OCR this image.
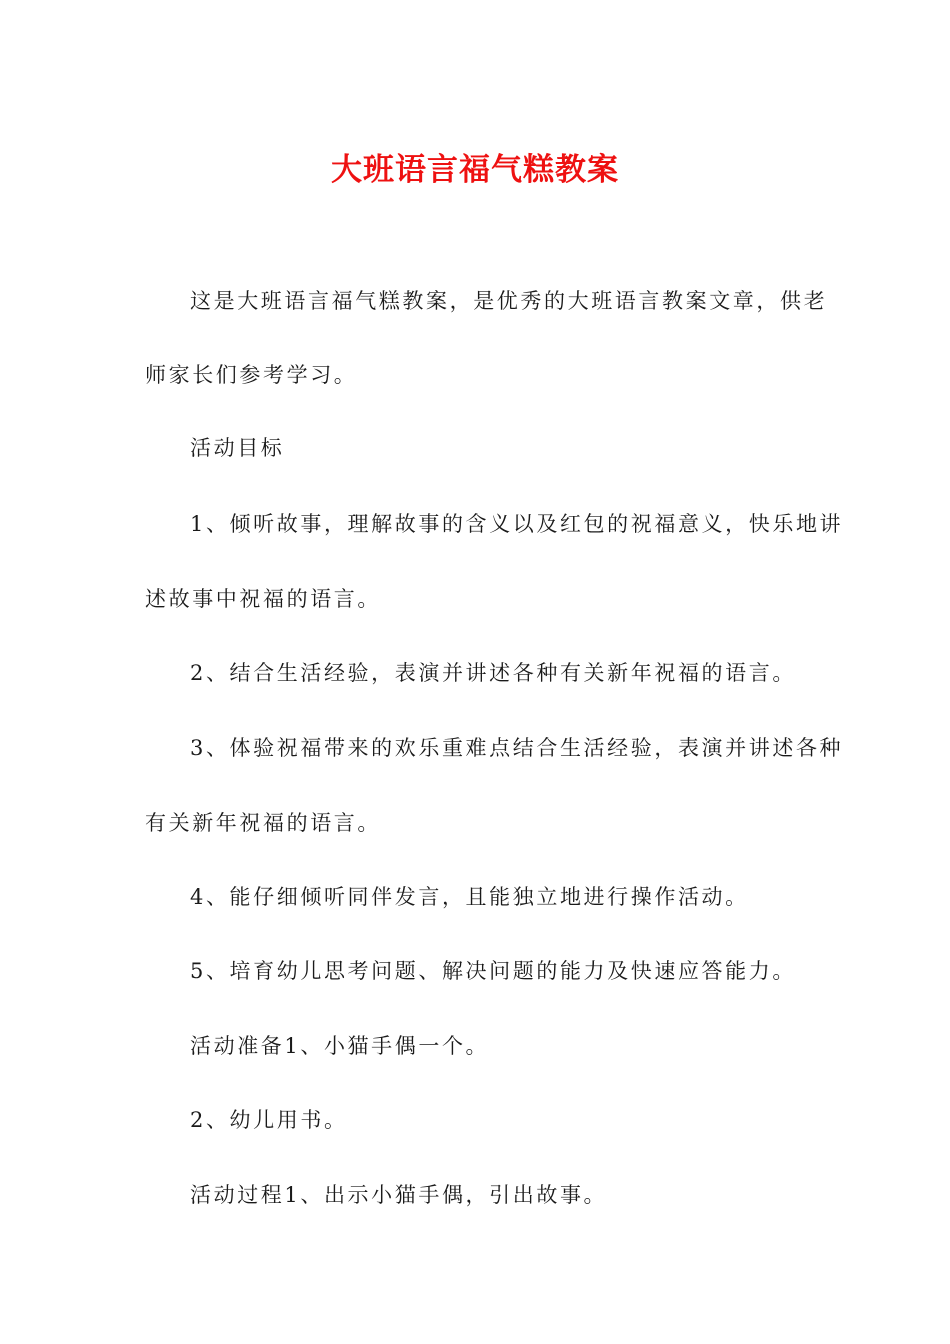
大班语言福气糕教案

这是大班语言福气糕教案，是优秀的大班语言教案文章，供老

师家长们参考学习。

活动目标

1、倾听故事，理解故事的含义以及红包的祝福意义，快乐地讲

述故事中祝福的语言。

2、结合生活经验，表演并讲述各种有关新年祝福的语言。

3、体验祝福带来的欢乐重难点结合生活经验，表演并讲述各种

有关新年祝福的语言。

4、能仔细倾听同伴发言，且能独立地进行操作活动。

5、培育幼儿思考问题、解决问题的能力及快速应答能力。

活动准备1、小猫手偶一个。

2、幼儿用书。

活动过程1、出示小猫手偶，引出故事。
